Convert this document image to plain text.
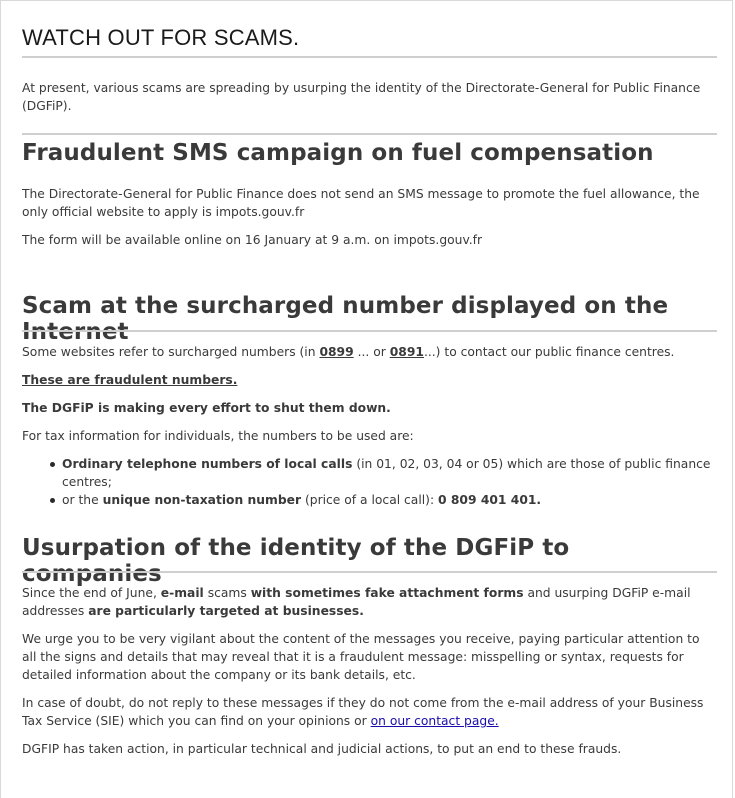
WATCH OUT FOR SCAMS.

At present, various scams are spreading by usurping the identity of the Directorate-General for Public Finance (DGFiP).

Fraudulent SMS campaign on fuel compensation

The Directorate-General for Public Finance does not send an SMS message to promote the fuel allowance, the only official website to apply is impots.gouv.fr

The form will be available online on 16 January at 9 a.m. on impots.gouv.fr

Scam at the surcharged number displayed on the Internet

Some websites refer to surcharged numbers (in 0899 ... or 0891...) to contact our public finance centres.

These are fraudulent numbers.

The DGFiP is making every effort to shut them down.

For tax information for individuals, the numbers to be used are:

Ordinary telephone numbers of local calls (in 01, 02, 03, 04 or 05) which are those of public finance centres;
or the unique non-taxation number (price of a local call): 0 809 401 401.
Usurpation of the identity of the DGFiP to companies

Since the end of June, e-mail scams with sometimes fake attachment forms and usurping DGFiP e-mail addresses are particularly targeted at businesses.

We urge you to be very vigilant about the content of the messages you receive, paying particular attention to all the signs and details that may reveal that it is a fraudulent message: misspelling or syntax, requests for detailed information about the company or its bank details, etc.

In case of doubt, do not reply to these messages if they do not come from the e-mail address of your Business Tax Service (SIE) which you can find on your opinions or on our contact page.

DGFIP has taken action, in particular technical and judicial actions, to put an end to these frauds.
